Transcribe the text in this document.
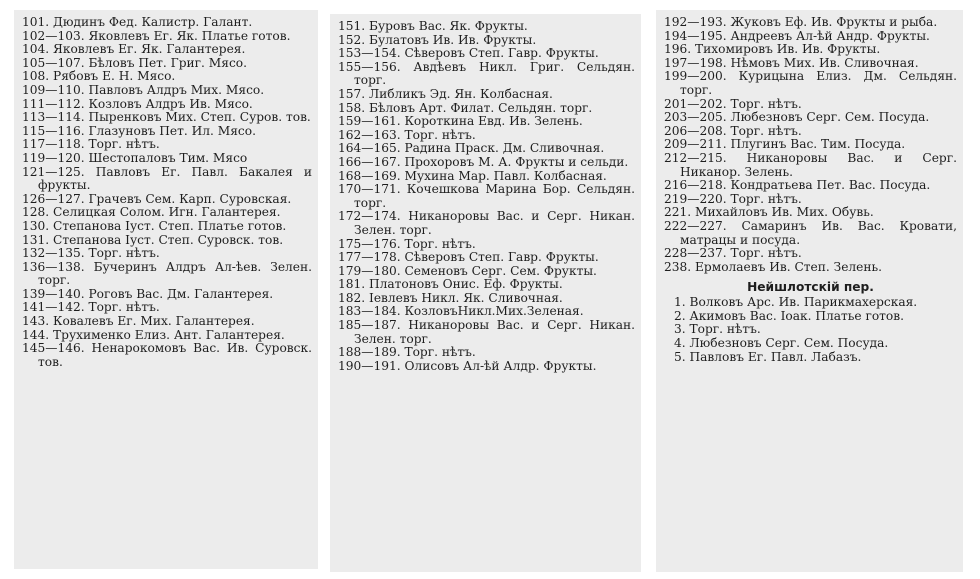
101. Дюдинъ Фед. Калистр. Галант.
102—103. Яковлевъ Ег. Як. Платье готов.
104. Яковлевъ Ег. Як. Галантерея.
105—107. Бѣловъ Пет. Григ. Мясо.
108. Рябовъ Е. Н. Мясо.
109—110. Павловъ Алдръ Мих. Мясо.
111—112. Козловъ Алдръ Ив. Мясо.
113—114. Пыренковъ Мих. Степ. Суров. тов.
115—116. Глазуновъ Пет. Ил. Мясо.
117—118. Торг. нѣтъ.
119—120. Шестопаловъ Тим. Мясо
121—125. Павловъ Ег. Павл. Бакалея и фрукты.
126—127. Грачевъ Сем. Карп. Суровская.
128. Селицкая Солом. Игн. Галантерея.
130. Степанова Іуст. Степ. Платье готов.
131. Степанова Іуст. Степ. Суровск. тов.
132—135. Торг. нѣтъ.
136—138. Бучеринъ Алдръ Ал-ѣев. Зелен. торг.
139—140. Роговъ Вас. Дм. Галантерея.
141—142. Торг. нѣтъ.
143. Ковалевъ Ег. Мих. Галантерея.
144. Трухименко Елиз. Ант. Галантерея.
145—146. Ненарокомовъ Вас. Ив. Суровск. тов.
151. Буровъ Вас. Як. Фрукты.
152. Булатовъ Ив. Ив. Фрукты.
153—154. Сѣверовъ Степ. Гавр. Фрукты.
155—156. Авдѣевъ Никл. Григ. Сельдян. торг.
157. Либликъ Эд. Ян. Колбасная.
158. Бѣловъ Арт. Филат. Сельдян. торг.
159—161. Короткина Евд. Ив. Зелень.
162—163. Торг. нѣтъ.
164—165. Радина Праск. Дм. Сливочная.
166—167. Прохоровъ М. А. Фрукты и сельди.
168—169. Мухина Мар. Павл. Колбасная.
170—171. Кочешкова Марина Бор. Сельдян. торг.
172—174. Никаноровы Вас. и Серг. Никан. Зелен. торг.
175—176. Торг. нѣтъ.
177—178. Сѣверовъ Степ. Гавр. Фрукты.
179—180. Семеновъ Серг. Сем. Фрукты.
181. Платоновъ Онис. Еф. Фрукты.
182. Іевлевъ Никл. Як. Сливочная.
183—184. КозловъНикл.Мих.Зеленая.
185—187. Никаноровы Вас. и Серг. Никан. Зелен. торг.
188—189. Торг. нѣтъ.
190—191. Олисовъ Ал-ѣй Алдр. Фрукты.
192—193. Жуковъ Еф. Ив. Фрукты и рыба.
194—195. Андреевъ Ал-ѣй Андр. Фрукты.
196. Тихомировъ Ив. Ив. Фрукты.
197—198. Нѣмовъ Мих. Ив. Сливочная.
199—200. Курицына Елиз. Дм. Сельдян. торг.
201—202. Торг. нѣтъ.
203—205. Любезновъ Серг. Сем. Посуда.
206—208. Торг. нѣтъ.
209—211. Плугинъ Вас. Тим. Посуда.
212—215. Никаноровы Вас. и Серг. Никанор. Зелень.
216—218. Кондратьева Пет. Вас. Посуда.
219—220. Торг. нѣтъ.
221. Михайловъ Ив. Мих. Обувь.
222—227. Самаринъ Ив. Вас. Кровати, матрацы и посуда.
228—237. Торг. нѣтъ.
238. Ермолаевъ Ив. Степ. Зелень.
Нейшлотскій пер.
1. Волковъ Арс. Ив. Парикмахерская.
2. Акимовъ Вас. Іоак. Платье готов.
3. Торг. нѣтъ.
4. Любезновъ Серг. Сем. Посуда.
5. Павловъ Ег. Павл. Лабазъ.
